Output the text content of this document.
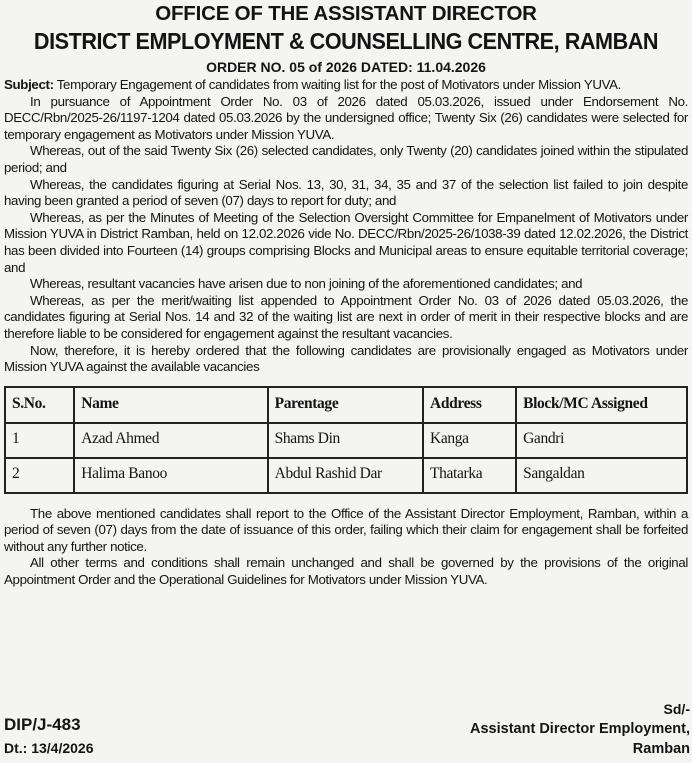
OFFICE OF THE ASSISTANT DIRECTOR
DISTRICT EMPLOYMENT & COUNSELLING CENTRE, RAMBAN
ORDER NO. 05 of 2026 DATED: 11.04.2026

Subject: Temporary Engagement of candidates from waiting list for the post of Motivators under Mission YUVA.

In pursuance of Appointment Order No. 03 of 2026 dated 05.03.2026, issued under Endorsement No. DECC/Rbn/2025-26/1197-1204 dated 05.03.2026 by the undersigned office; Twenty Six (26) candidates were selected for temporary engagement as Motivators under Mission YUVA.

Whereas, out of the said Twenty Six (26) selected candidates, only Twenty (20) candidates joined within the stipulated period; and

Whereas, the candidates figuring at Serial Nos. 13, 30, 31, 34, 35 and 37 of the selection list failed to join despite having been granted a period of seven (07) days to report for duty; and

Whereas, as per the Minutes of Meeting of the Selection Oversight Committee for Empanelment of Motivators under Mission YUVA in District Ramban, held on 12.02.2026 vide No. DECC/Rbn/2025-26/1038-39 dated 12.02.2026, the District has been divided into Fourteen (14) groups comprising Blocks and Municipal areas to ensure equitable territorial coverage; and

Whereas, resultant vacancies have arisen due to non joining of the aforementioned candidates; and

Whereas, as per the merit/waiting list appended to Appointment Order No. 03 of 2026 dated 05.03.2026, the candidates figuring at Serial Nos. 14 and 32 of the waiting list are next in order of merit in their respective blocks and are therefore liable to be considered for engagement against the resultant vacancies.

Now, therefore, it is hereby ordered that the following candidates are provisionally engaged as Motivators under Mission YUVA against the available vacancies

S.No.	Name	Parentage	Address	Block/MC Assigned
1	Azad Ahmed	Shams Din	Kanga	Gandri
2	Halima Banoo	Abdul Rashid Dar	Thatarka	Sangaldan

The above mentioned candidates shall report to the Office of the Assistant Director Employment, Ramban, within a period of seven (07) days from the date of issuance of this order, failing which their claim for engagement shall be forfeited without any further notice.

All other terms and conditions shall remain unchanged and shall be governed by the provisions of the original Appointment Order and the Operational Guidelines for Motivators under Mission YUVA.

DIP/J-483
Dt.: 13/4/2026
Sd/-
Assistant Director Employment,
Ramban
